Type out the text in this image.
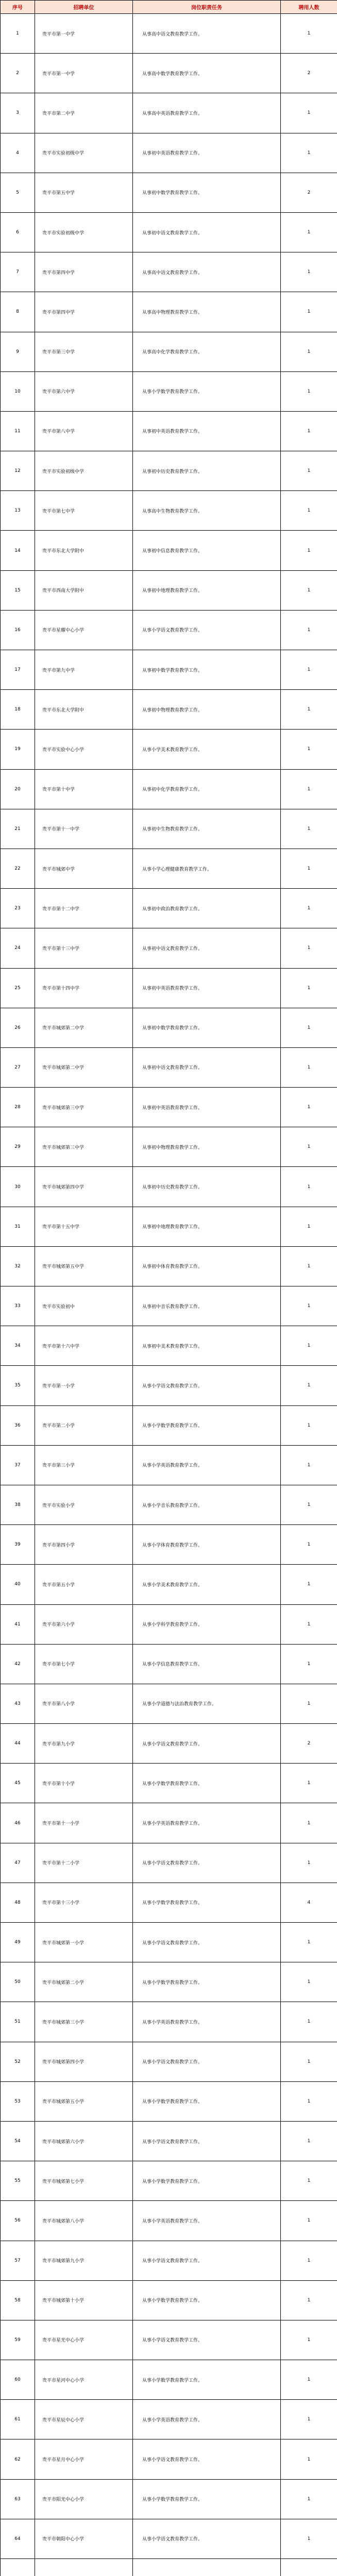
序号	招聘单位	岗位职责任务	聘用人数
1	贵平市第一中学	从事高中语文教育教学工作。	1
2	贵平市第一中学	从事高中数学教育教学工作。	2
3	贵平市第二中学	从事高中英语教育教学工作。	1
4	贵平市实验初级中学	从事初中英语教育教学工作。	1
5	贵平市第五中学	从事初中数学教育教学工作。	2
6	贵平市实验初级中学	从事初中语文教育教学工作。	1
7	贵平市第四中学	从事高中语文教育教学工作。	1
8	贵平市第四中学	从事高中物理教育教学工作。	1
9	贵平市第三中学	从事高中化学教育教学工作。	1
10	贵平市第六中学	从事小学数学教育教学工作。	1
11	贵平市第八中学	从事初中英语教育教学工作。	1
12	贵平市实验初级中学	从事初中历史教育教学工作。	1
13	贵平市第七中学	从事高中生物教育教学工作。	1
14	贵平市东北大学附中	从事初中信息教育教学工作。	1
15	贵平市西南大学附中	从事初中地理教育教学工作。	1
16	贵平市星耀中心小学	从事小学语文教育教学工作。	1
17	贵平市第九中学	从事初中数学教育教学工作。	1
18	贵平市东北大学附中	从事初中物理教育教学工作。	1
19	贵平市实验中心小学	从事小学美术教育教学工作。	1
20	贵平市第十中学	从事初中化学教育教学工作。	1
21	贵平市第十一中学	从事初中生物教育教学工作。	1
22	贵平市城郊中学	从事小学心理健康教育教学工作。	1
23	贵平市第十二中学	从事初中政治教育教学工作。	1
24	贵平市第十三中学	从事初中语文教育教学工作。	1
25	贵平市第十四中学	从事初中英语教育教学工作。	1
26	贵平市城郊第二中学	从事初中数学教育教学工作。	1
27	贵平市城郊第二中学	从事初中语文教育教学工作。	1
28	贵平市城郊第三中学	从事初中英语教育教学工作。	1
29	贵平市城郊第三中学	从事初中物理教育教学工作。	1
30	贵平市城郊第四中学	从事初中历史教育教学工作。	1
31	贵平市第十五中学	从事初中地理教育教学工作。	1
32	贵平市城郊第五中学	从事初中体育教育教学工作。	1
33	贵平市实验初中	从事初中音乐教育教学工作。	1
34	贵平市第十六中学	从事初中美术教育教学工作。	1
35	贵平市第一小学	从事小学语文教育教学工作。	1
36	贵平市第二小学	从事小学数学教育教学工作。	1
37	贵平市第三小学	从事小学英语教育教学工作。	1
38	贵平市实验小学	从事小学音乐教育教学工作。	1
39	贵平市第四小学	从事小学体育教育教学工作。	1
40	贵平市第五小学	从事小学美术教育教学工作。	1
41	贵平市第六小学	从事小学科学教育教学工作。	1
42	贵平市第七小学	从事小学信息教育教学工作。	1
43	贵平市第八小学	从事小学道德与法治教育教学工作。	1
44	贵平市第九小学	从事小学语文教育教学工作。	2
45	贵平市第十小学	从事小学数学教育教学工作。	1
46	贵平市第十一小学	从事小学英语教育教学工作。	1
47	贵平市第十二小学	从事小学语文教育教学工作。	1
48	贵平市第十三小学	从事小学数学教育教学工作。	4
49	贵平市城郊第一小学	从事小学语文教育教学工作。	1
50	贵平市城郊第二小学	从事小学数学教育教学工作。	1
51	贵平市城郊第三小学	从事小学英语教育教学工作。	1
52	贵平市城郊第四小学	从事小学语文教育教学工作。	1
53	贵平市城郊第五小学	从事小学数学教育教学工作。	1
54	贵平市城郊第六小学	从事小学语文教育教学工作。	1
55	贵平市城郊第七小学	从事小学数学教育教学工作。	1
56	贵平市城郊第八小学	从事小学英语教育教学工作。	1
57	贵平市城郊第九小学	从事小学语文教育教学工作。	1
58	贵平市城郊第十小学	从事小学数学教育教学工作。	1
59	贵平市星光中心小学	从事小学语文教育教学工作。	1
60	贵平市星河中心小学	从事小学数学教育教学工作。	1
61	贵平市星辰中心小学	从事小学英语教育教学工作。	1
62	贵平市星月中心小学	从事小学语文教育教学工作。	1
63	贵平市阳光中心小学	从事小学数学教育教学工作。	1
64	贵平市朝阳中心小学	从事小学语文教育教学工作。	1
